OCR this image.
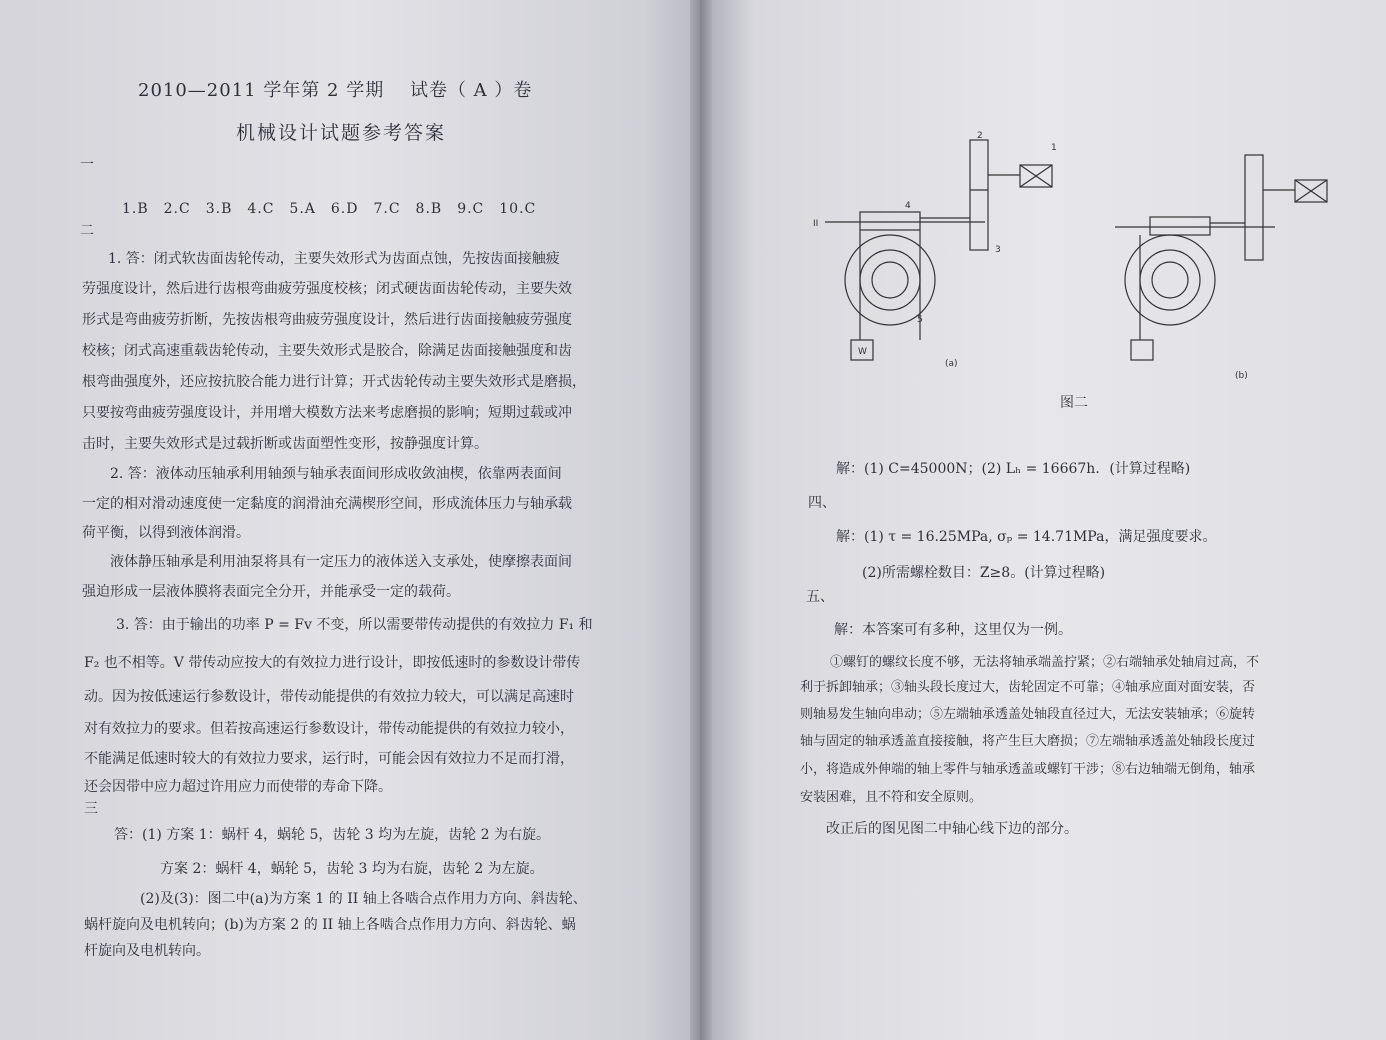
2010—2011 学年第 2 学期　 试卷（ A ）卷
机械设计试题参考答案
一
1.B　2.C　3.B　4.C　5.A　6.D　7.C　8.B　9.C　10.C
二
1. 答：闭式软齿面齿轮传动，主要失效形式为齿面点蚀，先按齿面接触疲
劳强度设计，然后进行齿根弯曲疲劳强度校核；闭式硬齿面齿轮传动，主要失效
形式是弯曲疲劳折断，先按齿根弯曲疲劳强度设计，然后进行齿面接触疲劳强度
校核；闭式高速重载齿轮传动，主要失效形式是胶合，除满足齿面接触强度和齿
根弯曲强度外，还应按抗胶合能力进行计算；开式齿轮传动主要失效形式是磨损，
只要按弯曲疲劳强度设计，并用增大模数方法来考虑磨损的影响；短期过载或冲
击时，主要失效形式是过载折断或齿面塑性变形，按静强度计算。
2. 答：液体动压轴承利用轴颈与轴承表面间形成收敛油楔，依靠两表面间
一定的相对滑动速度使一定黏度的润滑油充满楔形空间，形成流体压力与轴承载
荷平衡，以得到液体润滑。
液体静压轴承是利用油泵将具有一定压力的液体送入支承处，使摩擦表面间
强迫形成一层液体膜将表面完全分开，并能承受一定的载荷。
3. 答：由于输出的功率 P = Fv 不变，所以需要带传动提供的有效拉力 F₁ 和
F₂ 也不相等。V 带传动应按大的有效拉力进行设计，即按低速时的参数设计带传
动。因为按低速运行参数设计，带传动能提供的有效拉力较大，可以满足高速时
对有效拉力的要求。但若按高速运行参数设计，带传动能提供的有效拉力较小，
不能满足低速时较大的有效拉力要求，运行时，可能会因有效拉力不足而打滑，
还会因带中应力超过许用应力而使带的寿命下降。
三
答：(1) 方案 1：蜗杆 4，蜗轮 5，齿轮 3 均为左旋，齿轮 2 为右旋。
方案 2：蜗杆 4，蜗轮 5，齿轮 3 均为右旋，齿轮 2 为左旋。
(2)及(3)：图二中(a)为方案 1 的 II 轴上各啮合点作用力方向、斜齿轮、
蜗杆旋向及电机转向；(b)为方案 2 的 II 轴上各啮合点作用力方向、斜齿轮、蜗
杆旋向及电机转向。
1
2
3
4
5
W
II
(a)
(b)
图二
解：(1) C=45000N；(2) Lₕ = 16667h．(计算过程略)
四、
解：(1) τ = 16.25MPa, σₚ = 14.71MPa，满足强度要求。
(2)所需螺栓数目：Z≥8。(计算过程略)
五、
解：本答案可有多种，这里仅为一例。
①螺钉的螺纹长度不够，无法将轴承端盖拧紧；②右端轴承处轴肩过高，不
利于拆卸轴承；③轴头段长度过大，齿轮固定不可靠；④轴承应面对面安装，否
则轴易发生轴向串动；⑤左端轴承透盖处轴段直径过大，无法安装轴承；⑥旋转
轴与固定的轴承透盖直接接触，将产生巨大磨损；⑦左端轴承透盖处轴段长度过
小，将造成外伸端的轴上零件与轴承透盖或螺钉干涉；⑧右边轴端无倒角，轴承
安装困难，且不符和安全原则。
改正后的图见图二中轴心线下边的部分。
